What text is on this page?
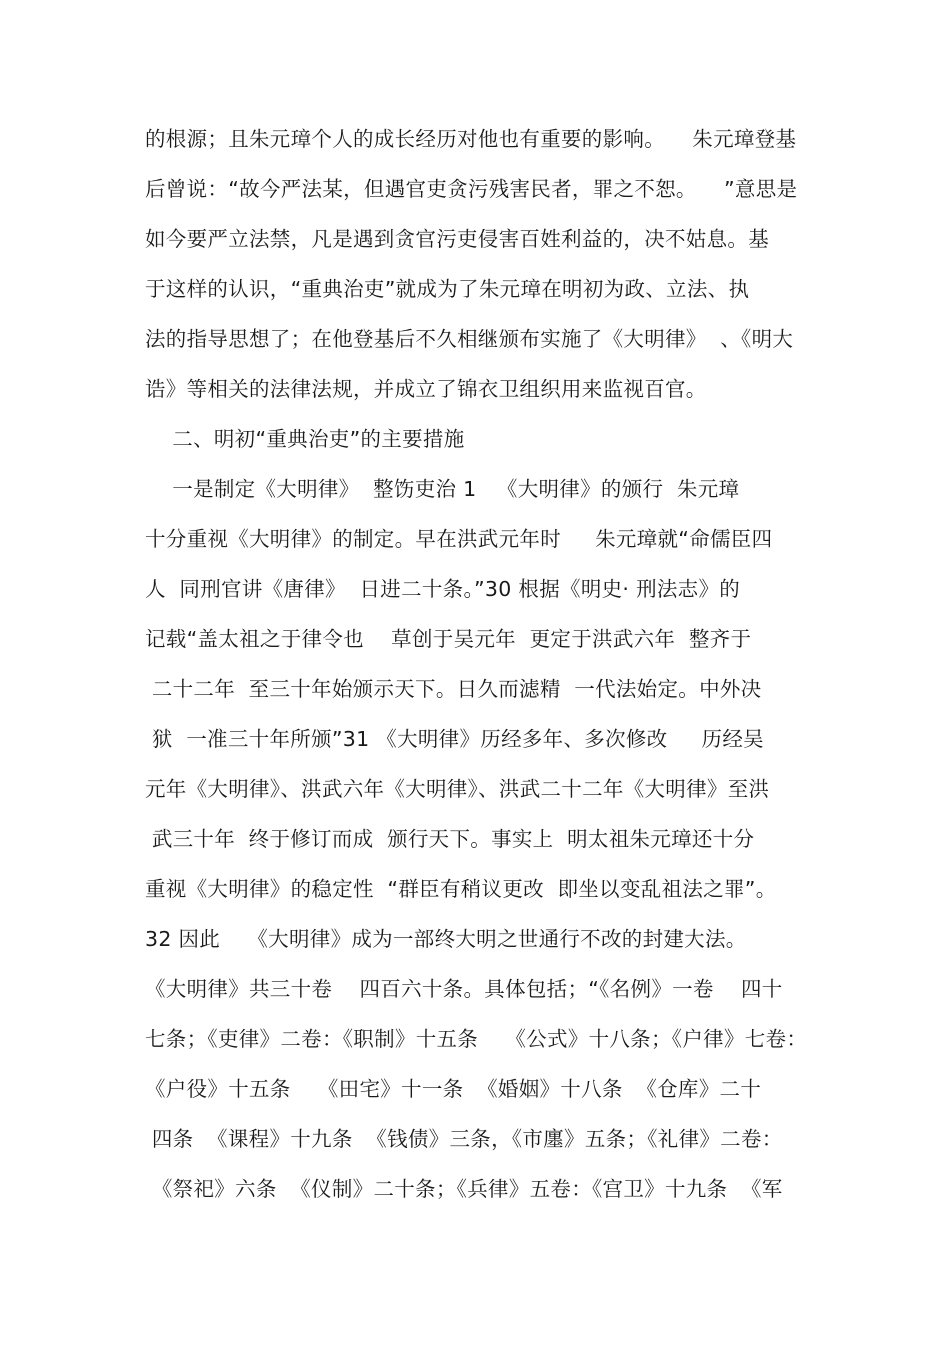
的根源；且朱元璋个人的成长经历对他也有重要的影响。    朱元璋登基
后曾说：“故今严法某，但遇官吏贪污残害民者，罪之不恕。    ”意思是
如今要严立法禁，凡是遇到贪官污吏侵害百姓利益的，决不姑息。基
于这样的认识，“重典治吏”就成为了朱元璋在明初为政、立法、执
法的指导思想了；在他登基后不久相继颁布实施了《大明律》  、《明大
诰》等相关的法律法规，并成立了锦衣卫组织用来监视百官。
二、明初“重典治吏”的主要措施
一是制定《大明律》  整饬吏治 1   《大明律》的颁行  朱元璋
十分重视《大明律》的制定。早在洪武元年时     朱元璋就“命儒臣四
人  同刑官讲《唐律》  日进二十条。”30 根据《明史· 刑法志》的
记载“盖太祖之于律令也    草创于吴元年  更定于洪武六年  整齐于
二十二年  至三十年始颁示天下。日久而滤精  一代法始定。中外决
狱  一准三十年所颁”31 《大明律》历经多年、多次修改     历经吴
元年《大明律》、洪武六年《大明律》、洪武二十二年《大明律》至洪
武三十年  终于修订而成  颁行天下。事实上  明太祖朱元璋还十分
重视《大明律》的稳定性  “群臣有稍议更改  即坐以变乱祖法之罪”。
32 因此    《大明律》成为一部终大明之世通行不改的封建大法。
《大明律》共三十卷    四百六十条。具体包括；“《名例》一卷    四十
七条；《吏律》二卷：《职制》十五条    《公式》十八条；《户律》七卷：
《户役》十五条    《田宅》十一条  《婚姻》十八条  《仓库》二十
四条  《课程》十九条  《钱债》三条，《市廛》五条；《礼律》二卷：
《祭祀》六条  《仪制》二十条；《兵律》五卷：《宫卫》十九条  《军
